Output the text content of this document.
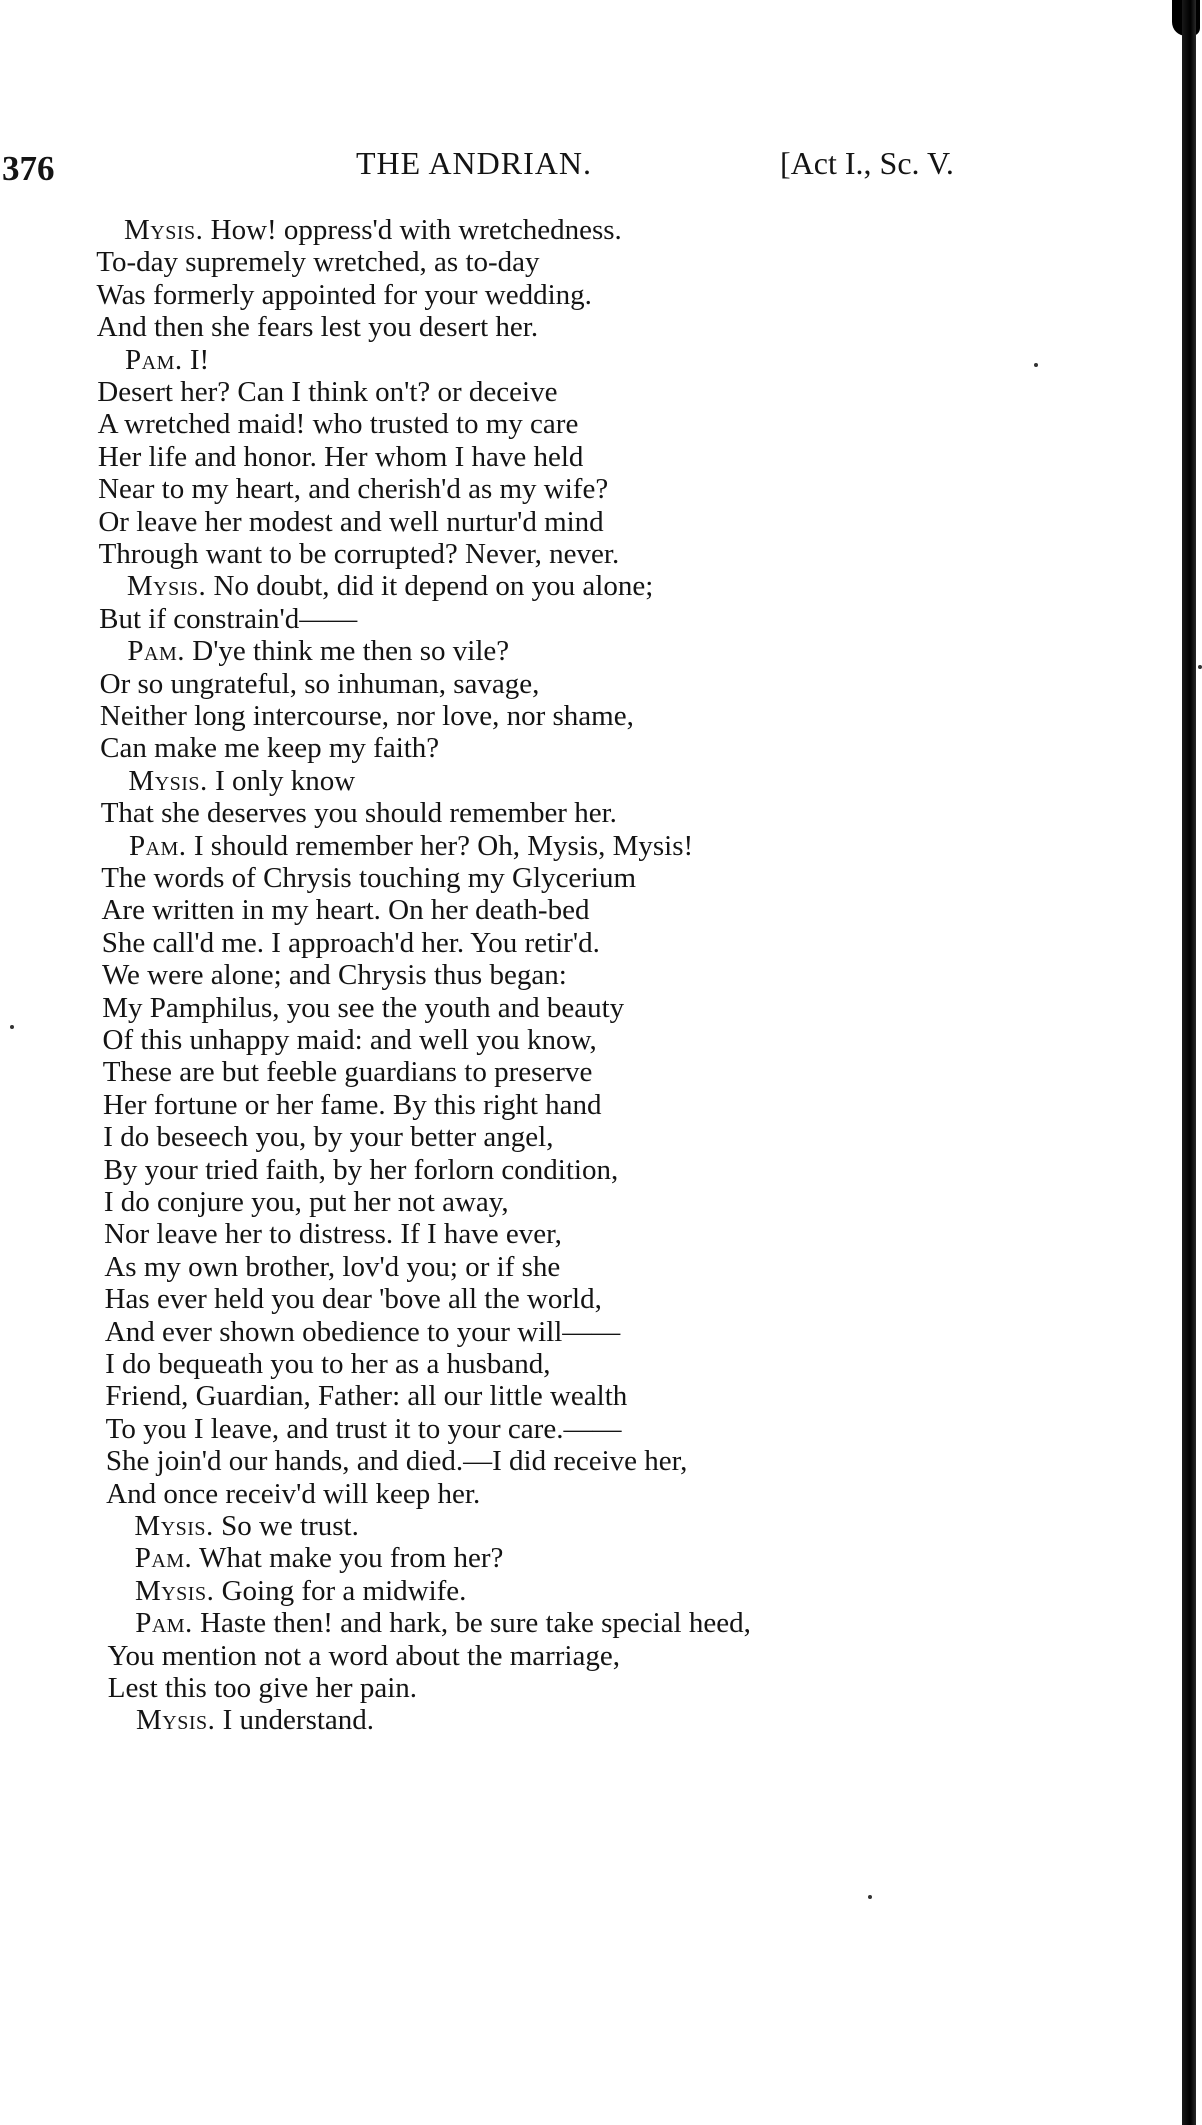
376	THE ANDRIAN.	[Act I., Sc. V.
Mysis. How! oppress'd with wretchedness.
To-day supremely wretched, as to-day
Was formerly appointed for your wedding.
And then she fears lest you desert her.
Pam. I!
Desert her? Can I think on't? or deceive
A wretched maid! who trusted to my care
Her life and honor. Her whom I have held
Near to my heart, and cherish'd as my wife?
Or leave her modest and well nurtur'd mind
Through want to be corrupted? Never, never.
Mysis. No doubt, did it depend on you alone;
But if constrain'd——
Pam. D'ye think me then so vile?
Or so ungrateful, so inhuman, savage,
Neither long intercourse, nor love, nor shame,
Can make me keep my faith?
Mysis. I only know
That she deserves you should remember her.
Pam. I should remember her? Oh, Mysis, Mysis!
The words of Chrysis touching my Glycerium
Are written in my heart. On her death-bed
She call'd me. I approach'd her. You retir'd.
We were alone; and Chrysis thus began:
My Pamphilus, you see the youth and beauty
Of this unhappy maid: and well you know,
These are but feeble guardians to preserve
Her fortune or her fame. By this right hand
I do beseech you, by your better angel,
By your tried faith, by her forlorn condition,
I do conjure you, put her not away,
Nor leave her to distress. If I have ever,
As my own brother, lov'd you; or if she
Has ever held you dear 'bove all the world,
And ever shown obedience to your will——
I do bequeath you to her as a husband,
Friend, Guardian, Father: all our little wealth
To you I leave, and trust it to your care.——
She join'd our hands, and died.—I did receive her,
And once receiv'd will keep her.
Mysis. So we trust.
Pam. What make you from her?
Mysis. Going for a midwife.
Pam. Haste then! and hark, be sure take special heed,
You mention not a word about the marriage,
Lest this too give her pain.
Mysis. I understand.
